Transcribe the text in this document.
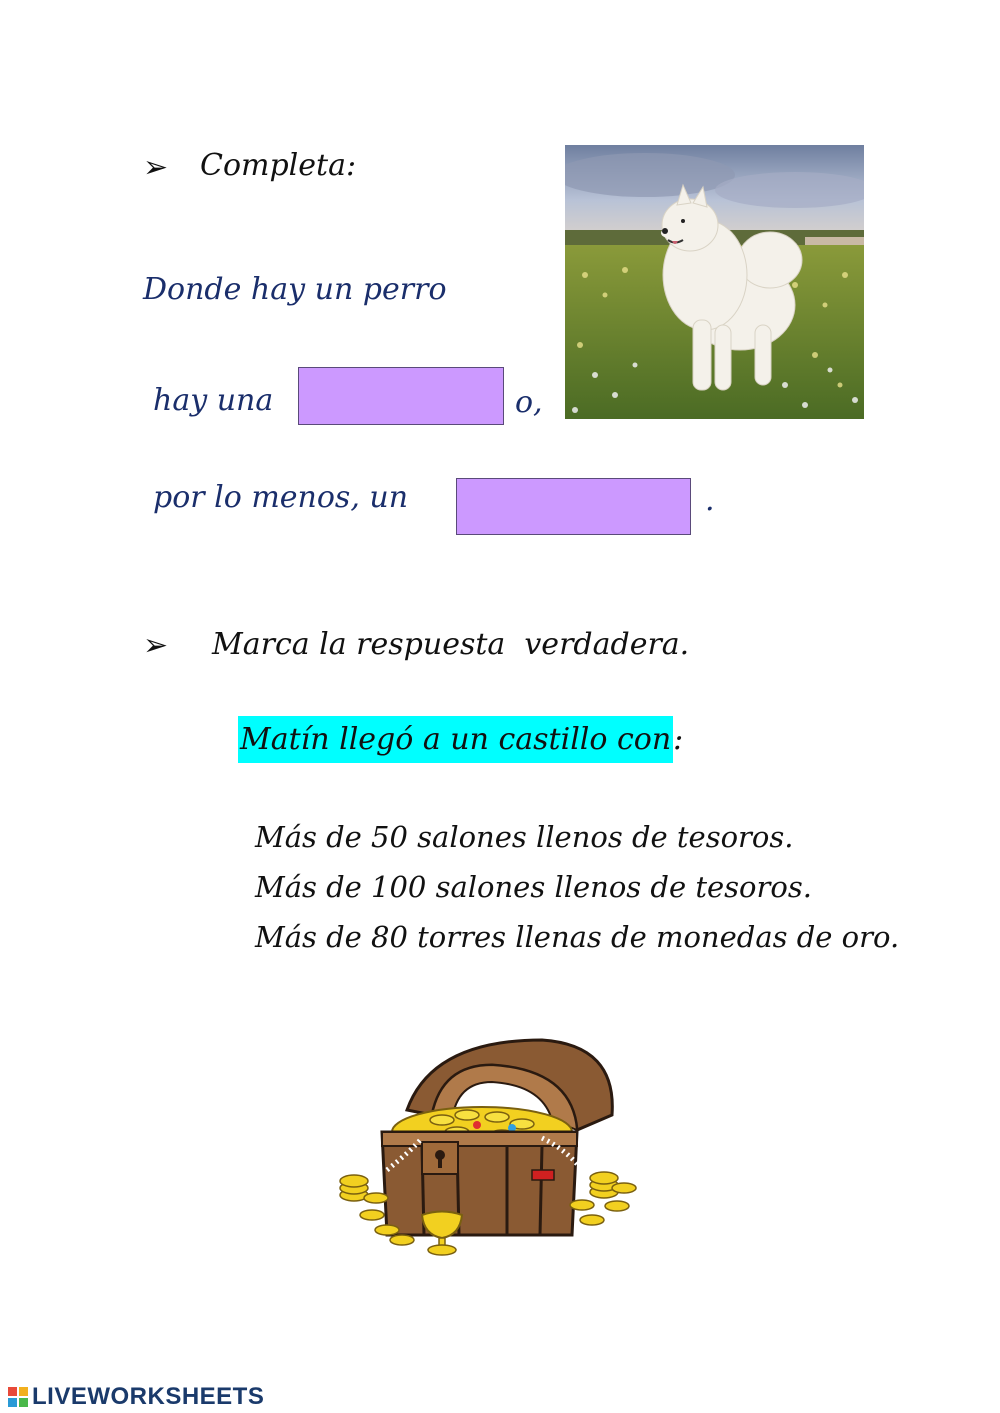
➢ Completa:
Donde hay un perro
hay una	o,
por lo menos, un	.
➢ Marca la respuesta  verdadera.
Matín llegó a un castillo con:
Más de 50 salones llenos de tesoros.
Más de 100 salones llenos de tesoros.
Más de 80 torres llenas de monedas de oro.
LIVEWORKSHEETS
